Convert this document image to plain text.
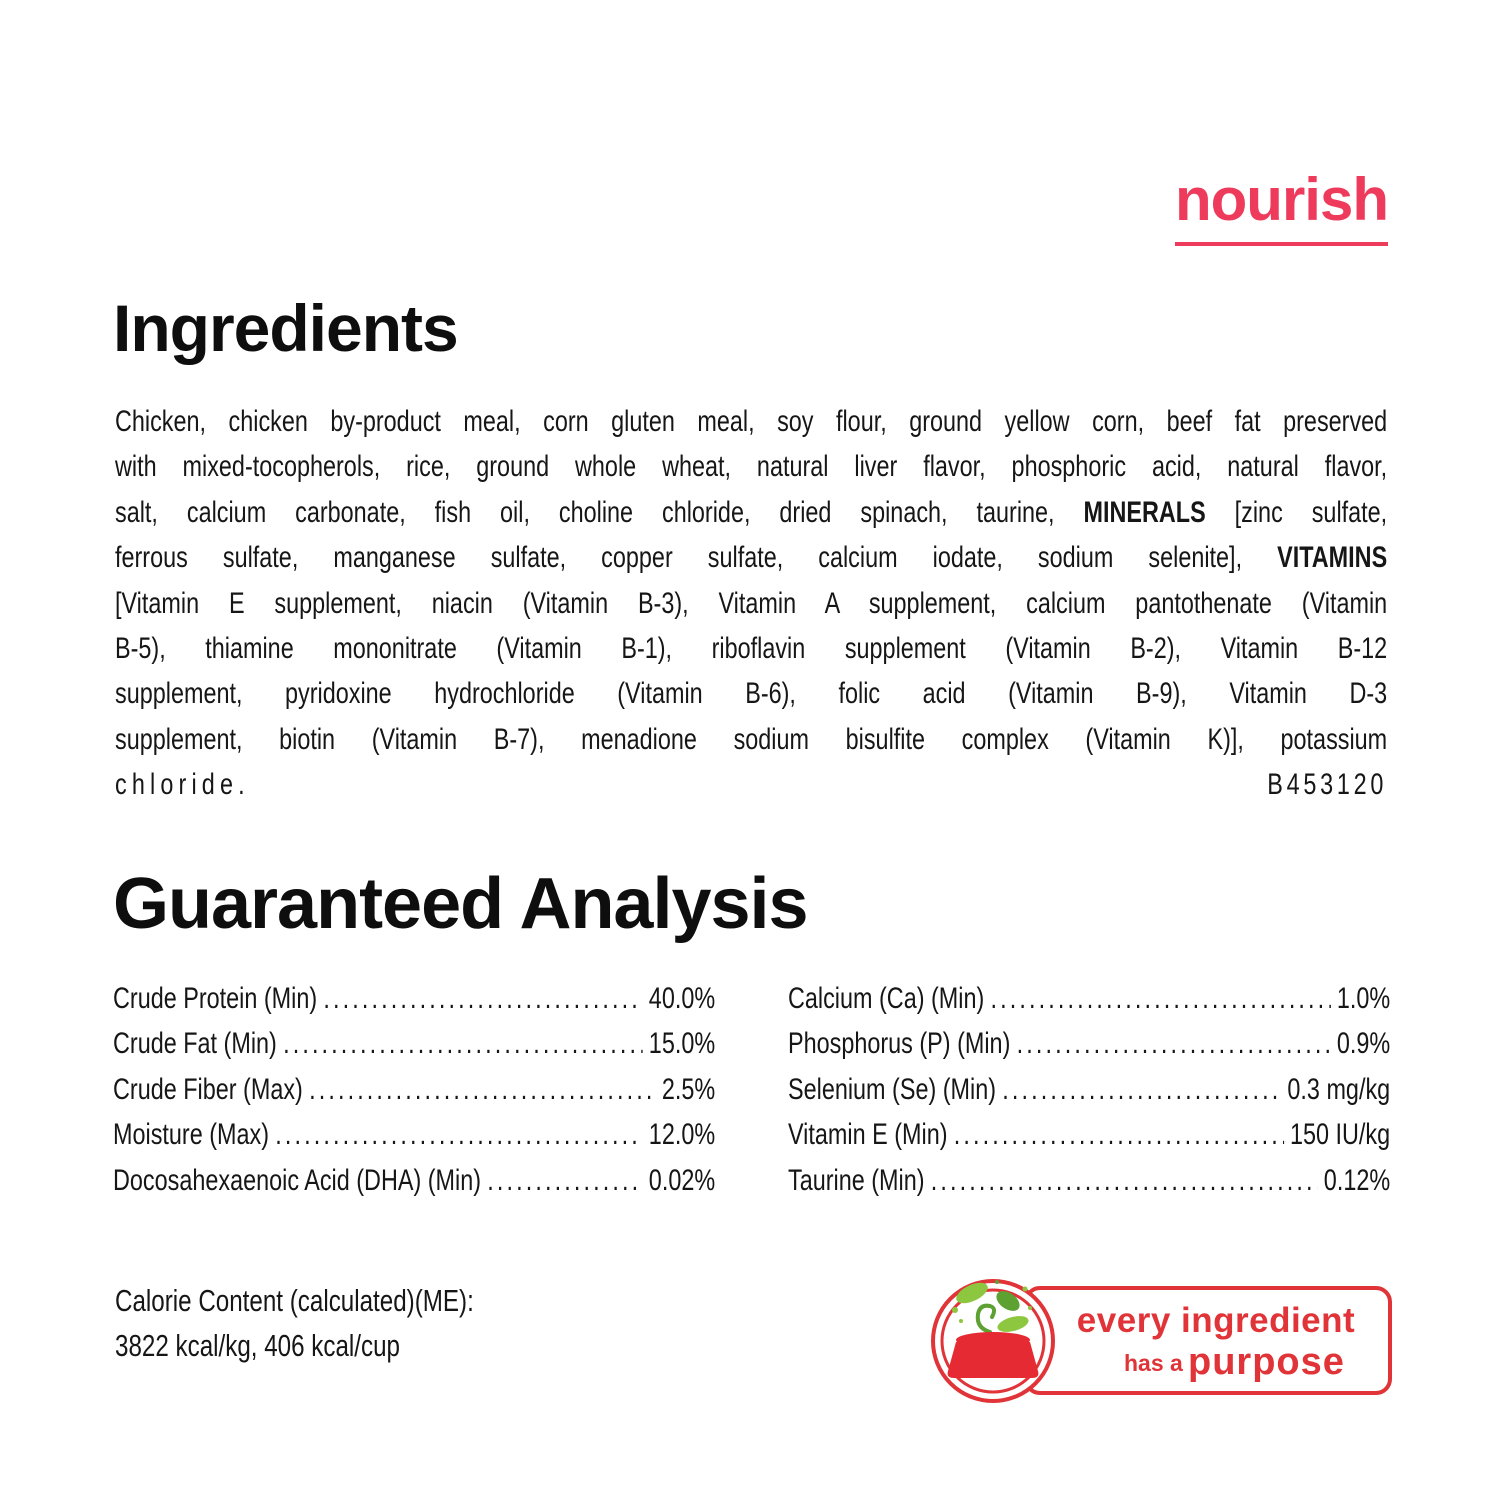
nourish
Ingredients
Chicken, chicken by-product meal, corn gluten meal, soy flour, ground yellow corn, beef fat preserved
with mixed-tocopherols, rice, ground whole wheat, natural liver flavor, phosphoric acid, natural flavor,
salt, calcium carbonate, fish oil, choline chloride, dried spinach, taurine, MINERALS [zinc sulfate,
ferrous sulfate, manganese sulfate, copper sulfate, calcium iodate, sodium selenite], VITAMINS
[Vitamin E supplement, niacin (Vitamin B-3), Vitamin A supplement, calcium pantothenate (Vitamin
B-5), thiamine mononitrate (Vitamin B-1), riboflavin supplement (Vitamin B-2), Vitamin B-12
supplement, pyridoxine hydrochloride (Vitamin B-6), folic acid (Vitamin B-9), Vitamin D-3
supplement, biotin (Vitamin B-7), menadione sodium bisulfite complex (Vitamin K)], potassium
chloride.	B453120
Guaranteed Analysis
Crude Protein (Min) .....	40.0%
Crude Fat (Min) .....	15.0%
Crude Fiber (Max) .....	2.5%
Moisture (Max) .....	12.0%
Docosahexaenoic Acid (DHA) (Min) .....	0.02%
Calcium (Ca) (Min) .....	1.0%
Phosphorus (P) (Min) .....	0.9%
Selenium (Se) (Min) .....	0.3 mg/kg
Vitamin E (Min) .....	150 IU/kg
Taurine (Min) .....	0.12%
Calorie Content (calculated)(ME):
3822 kcal/kg, 406 kcal/cup
every ingredient
has a purpose
